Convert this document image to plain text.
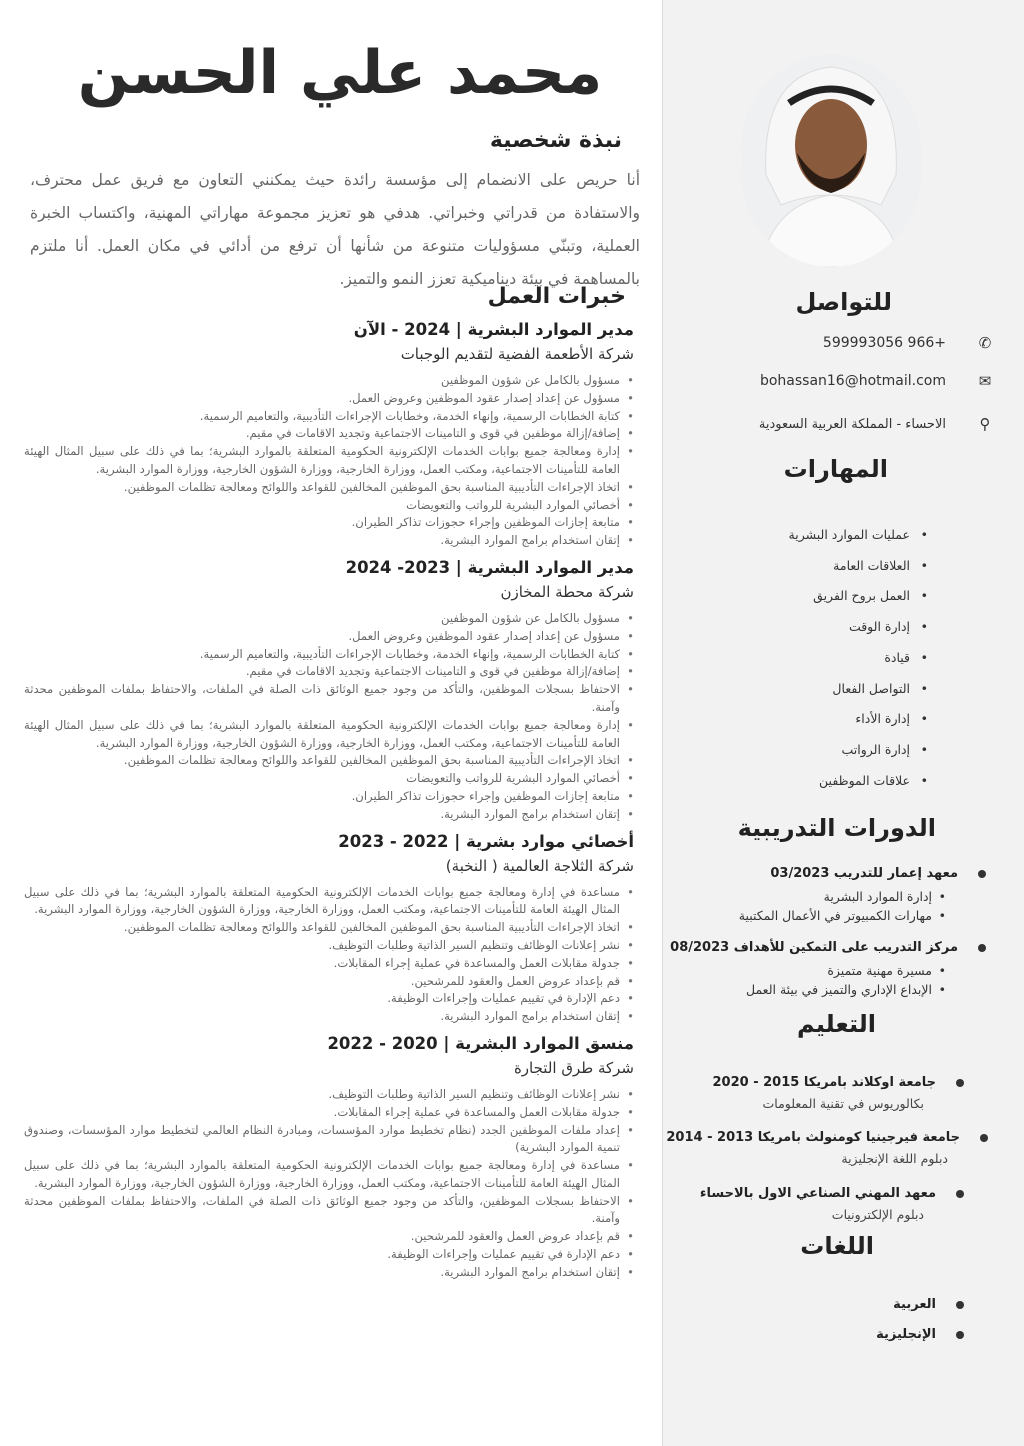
محمد علي الحسن
نبذة شخصية
أنا حريص على الانضمام إلى مؤسسة رائدة حيث يمكنني التعاون مع فريق عمل محترف، والاستفادة من قدراتي وخبراتي. هدفي هو تعزيز مجموعة مهاراتي المهنية، واكتساب الخبرة العملية، وتبنّي مسؤوليات متنوعة من شأنها أن ترفع من أدائي في مكان العمل. أنا ملتزم بالمساهمة في بيئة ديناميكية تعزز النمو والتميز.
خبرات العمل
مدير الموارد البشرية | 2024 - الآن
شركة الأطعمة الفضية لتقديم الوجبات
• مسؤول بالكامل عن شؤون الموظفين
• مسؤول عن إعداد إصدار عقود الموظفين وعروض العمل.
• كتابة الخطابات الرسمية، وإنهاء الخدمة، وخطابات الإجراءات التأديبية، والتعاميم الرسمية.
• إضافة/إزالة موظفين في قوى و التامينات الاجتماعية وتجديد الاقامات في مقيم.
• إدارة ومعالجة جميع بوابات الخدمات الإلكترونية الحكومية المتعلقة بالموارد البشرية؛ بما في ذلك على سبيل المثال الهيئة العامة للتأمينات الاجتماعية، ومكتب العمل، ووزارة الخارجية، ووزارة الشؤون الخارجية، ووزارة الموارد البشرية.
• اتخاذ الإجراءات التأديبية المناسبة بحق الموظفين المخالفين للقواعد واللوائح ومعالجة تظلمات الموظفين.
• أخصائي الموارد البشرية للرواتب والتعويضات
• متابعة إجازات الموظفين وإجراء حجوزات تذاكر الطيران.
• إتقان استخدام برامج الموارد البشرية.
مدير الموارد البشرية | 2023- 2024
شركة محطة المخازن
• مسؤول بالكامل عن شؤون الموظفين
• مسؤول عن إعداد إصدار عقود الموظفين وعروض العمل.
• كتابة الخطابات الرسمية، وإنهاء الخدمة، وخطابات الإجراءات التأديبية، والتعاميم الرسمية.
• إضافة/إزالة موظفين في قوى و التامينات الاجتماعية وتجديد الاقامات في مقيم.
• الاحتفاظ بسجلات الموظفين، والتأكد من وجود جميع الوثائق ذات الصلة في الملفات، والاحتفاظ بملفات الموظفين محدثة وآمنة.
• إدارة ومعالجة جميع بوابات الخدمات الإلكترونية الحكومية المتعلقة بالموارد البشرية؛ بما في ذلك على سبيل المثال الهيئة العامة للتأمينات الاجتماعية، ومكتب العمل، ووزارة الخارجية، ووزارة الشؤون الخارجية، ووزارة الموارد البشرية.
• اتخاذ الإجراءات التأديبية المناسبة بحق الموظفين المخالفين للقواعد واللوائح ومعالجة تظلمات الموظفين.
• أخصائي الموارد البشرية للرواتب والتعويضات
• متابعة إجازات الموظفين وإجراء حجوزات تذاكر الطيران.
• إتقان استخدام برامج الموارد البشرية.
أخصائي موارد بشرية | 2022 - 2023
شركة الثلاجة العالمية ( النخبة)
• مساعدة في إدارة ومعالجة جميع بوابات الخدمات الإلكترونية الحكومية المتعلقة بالموارد البشرية؛ بما في ذلك على سبيل المثال الهيئة العامة للتأمينات الاجتماعية، ومكتب العمل، ووزارة الخارجية، ووزارة الشؤون الخارجية، ووزارة الموارد البشرية.
• اتخاذ الإجراءات التأديبية المناسبة بحق الموظفين المخالفين للقواعد واللوائح ومعالجة تظلمات الموظفين.
• نشر إعلانات الوظائف وتنظيم السير الذاتية وطلبات التوظيف.
• جدولة مقابلات العمل والمساعدة في عملية إجراء المقابلات.
• قم بإعداد عروض العمل والعقود للمرشحين.
• دعم الإدارة في تقييم عمليات وإجراءات الوظيفة.
• إتقان استخدام برامج الموارد البشرية.
منسق الموارد البشرية | 2020 - 2022
شركة طرق التجارة
• نشر إعلانات الوظائف وتنظيم السير الذاتية وطلبات التوظيف.
• جدولة مقابلات العمل والمساعدة في عملية إجراء المقابلات.
• إعداد ملفات الموظفين الجدد (نظام تخطيط موارد المؤسسات، ومبادرة النظام العالمي لتخطيط موارد المؤسسات، وصندوق تنمية الموارد البشرية)
• مساعدة في إدارة ومعالجة جميع بوابات الخدمات الإلكترونية الحكومية المتعلقة بالموارد البشرية؛ بما في ذلك على سبيل المثال الهيئة العامة للتأمينات الاجتماعية، ومكتب العمل، ووزارة الخارجية، ووزارة الشؤون الخارجية، ووزارة الموارد البشرية.
• الاحتفاظ بسجلات الموظفين، والتأكد من وجود جميع الوثائق ذات الصلة في الملفات، والاحتفاظ بملفات الموظفين محدثة وآمنة.
• قم بإعداد عروض العمل والعقود للمرشحين.
• دعم الإدارة في تقييم عمليات وإجراءات الوظيفة.
• إتقان استخدام برامج الموارد البشرية.
للتواصل
✆
+966 599993056
✉
bohassan16@hotmail.com
⚲
الاحساء - المملكة العربية السعودية
المهارات
• عمليات الموارد البشرية
• العلاقات العامة
• العمل بروح الفريق
• إدارة الوقت
• قيادة
• التواصل الفعال
• إدارة الأداء
• إدارة الرواتب
• علاقات الموظفين
الدورات التدريبية
معهد إعمار للتدريب 03/2023
• إدارة الموارد البشرية
• مهارات الكمبيوتر في الأعمال المكتبية
مركز التدريب على التمكين للأهداف 08/2023
• مسيرة مهنية متميزة
• الإبداع الإداري والتميز في بيئة العمل
التعليم
جامعة اوكلاند بامريكا 2015 - 2020
بكالوريوس في تقنية المعلومات
جامعة فيرجينيا كومنولث بامريكا 2013 - 2014
دبلوم اللغة الإنجليزية
معهد المهني الصناعي الاول بالاحساء
دبلوم الإلكترونيات
اللغات
العربية
الإنجليزية
